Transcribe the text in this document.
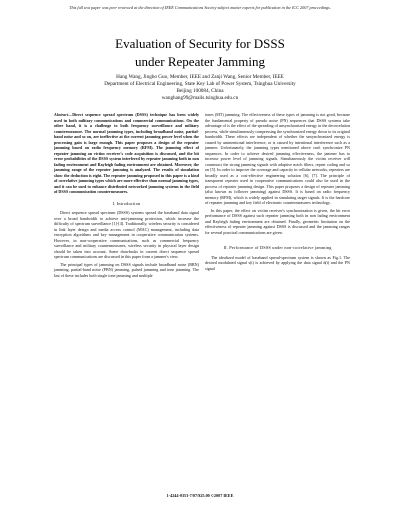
This full text paper was peer reviewed at the direction of IEEE Communications Society subject matter experts for publication in the ICC 2007 proceedings.
Evaluation of Security for DSSS
under Repeater Jamming
Hang Wang, Jingbo Guo, Member, IEEE and Zanji Wang, Senior Member, IEEE
Department of Electrical Engineering, State Key Lab of Power System, Tsinghua University
Beijing 100084, China
wanghang99@mails.tsinghua.edu.cn
Abstract—Direct sequence spread spectrum (DSSS) technique has been widely used in both military communications and commercial communications. On the other hand, it is a challenge to both frequency surveillance and military countermeasure. The normal jamming types, including broadband noise, partial-band noise and so on, are ineffective at the current jamming power level when the processing gain is large enough. This paper proposes a design of the repeater jamming based on radio frequency memory (RFM). The jamming effect of repeater jamming on victim receiver's code acquisition is discussed, and the bit error probabilities of the DSSS system interfered by repeater jamming both in non fading environment and Rayleigh fading environment are obtained. Moreover, the jamming range of the repeater jamming is analyzed. The results of simulation show the deduction is right. The repeater jamming proposed in this paper is a kind of correlative jamming types which are more effective than normal jamming types, and it can be used to enhance distributed networked jamming systems in the field of DSSS communication countermeasures.
I. Introduction

Direct sequence spread spectrum (DSSS) systems spread the baseband data signal over a broad bandwidth to achieve anti-jamming protection, which increase the difficulty of spectrum surveillance [1]-[4]. Traditionally, wireless security is considered in link layer design and media access control (MAC) management, including data encryption algorithms and key management in cooperative communication systems. However, in non-cooperative communications, such as commercial frequency surveillance and military countermeasures, wireless security in physical layer design should be taken into account. Some drawbacks in current direct sequence spread spectrum communications are discussed in this paper from a jammer's view.

The principal types of jamming on DSSS signals include broadband noise (BBN) jamming, partial-band noise (PBN) jamming, pulsed jamming and tone jamming. The last of these includes both single tone jamming and multiple

tones (MT) jamming. The effectiveness of these types of jamming is not good, because the fundamental property of pseudo noise (PN) sequences that DSSS systems take advantage of is the effect of the spreading of unsynchronized energy in the decorrelation process, while simultaneously compressing the synchronized energy down to its original bandwidth. These effects are independent of whether the unsynchronized energy is caused by unintentional interference, or is caused by intentional interference such as a jammer. Unfortunately, the jamming types mentioned above can't synchronize PN sequences. In order to achieve desired jamming effectiveness, the jammer has to increase power level of jamming signals. Simultaneously the victim receiver will counteract the strong jamming signals with adaptive notch filters, repeat coding and so on [5]. In order to improve the coverage and capacity in cellular networks, repeaters are broadly used as a cost-effective engineering solution [6], [7]. The principle of transparent repeater used in cooperative communications could also be used in the process of repeater jamming design. This paper proposes a design of repeater jamming (also known as follower jamming) against DSSS. It is based on radio frequency memory (RFM), which is widely applied in simulating target signals. It is the hardcore of repeater jamming and key field of electronic countermeasures technology.

In this paper, the effect on victim receiver's synchronization is given, the bit error performance of DSSS against such repeater jamming both in non fading environment and Rayleigh fading environment are obtained. Finally, geometric limitation on the effectiveness of repeater jamming against DSSS is discussed and the jamming ranges for several practical communications are given.

II. Performance of DSSS under non-correlative jamming

The idealized model of baseband spread-spectrum system is shown as Fig.1. The desired modulated signal s(t) is achieved by applying the data signal d(t) and the PN signal

1-4244-0353-7/07/$25.00 ©2007 IEEE
